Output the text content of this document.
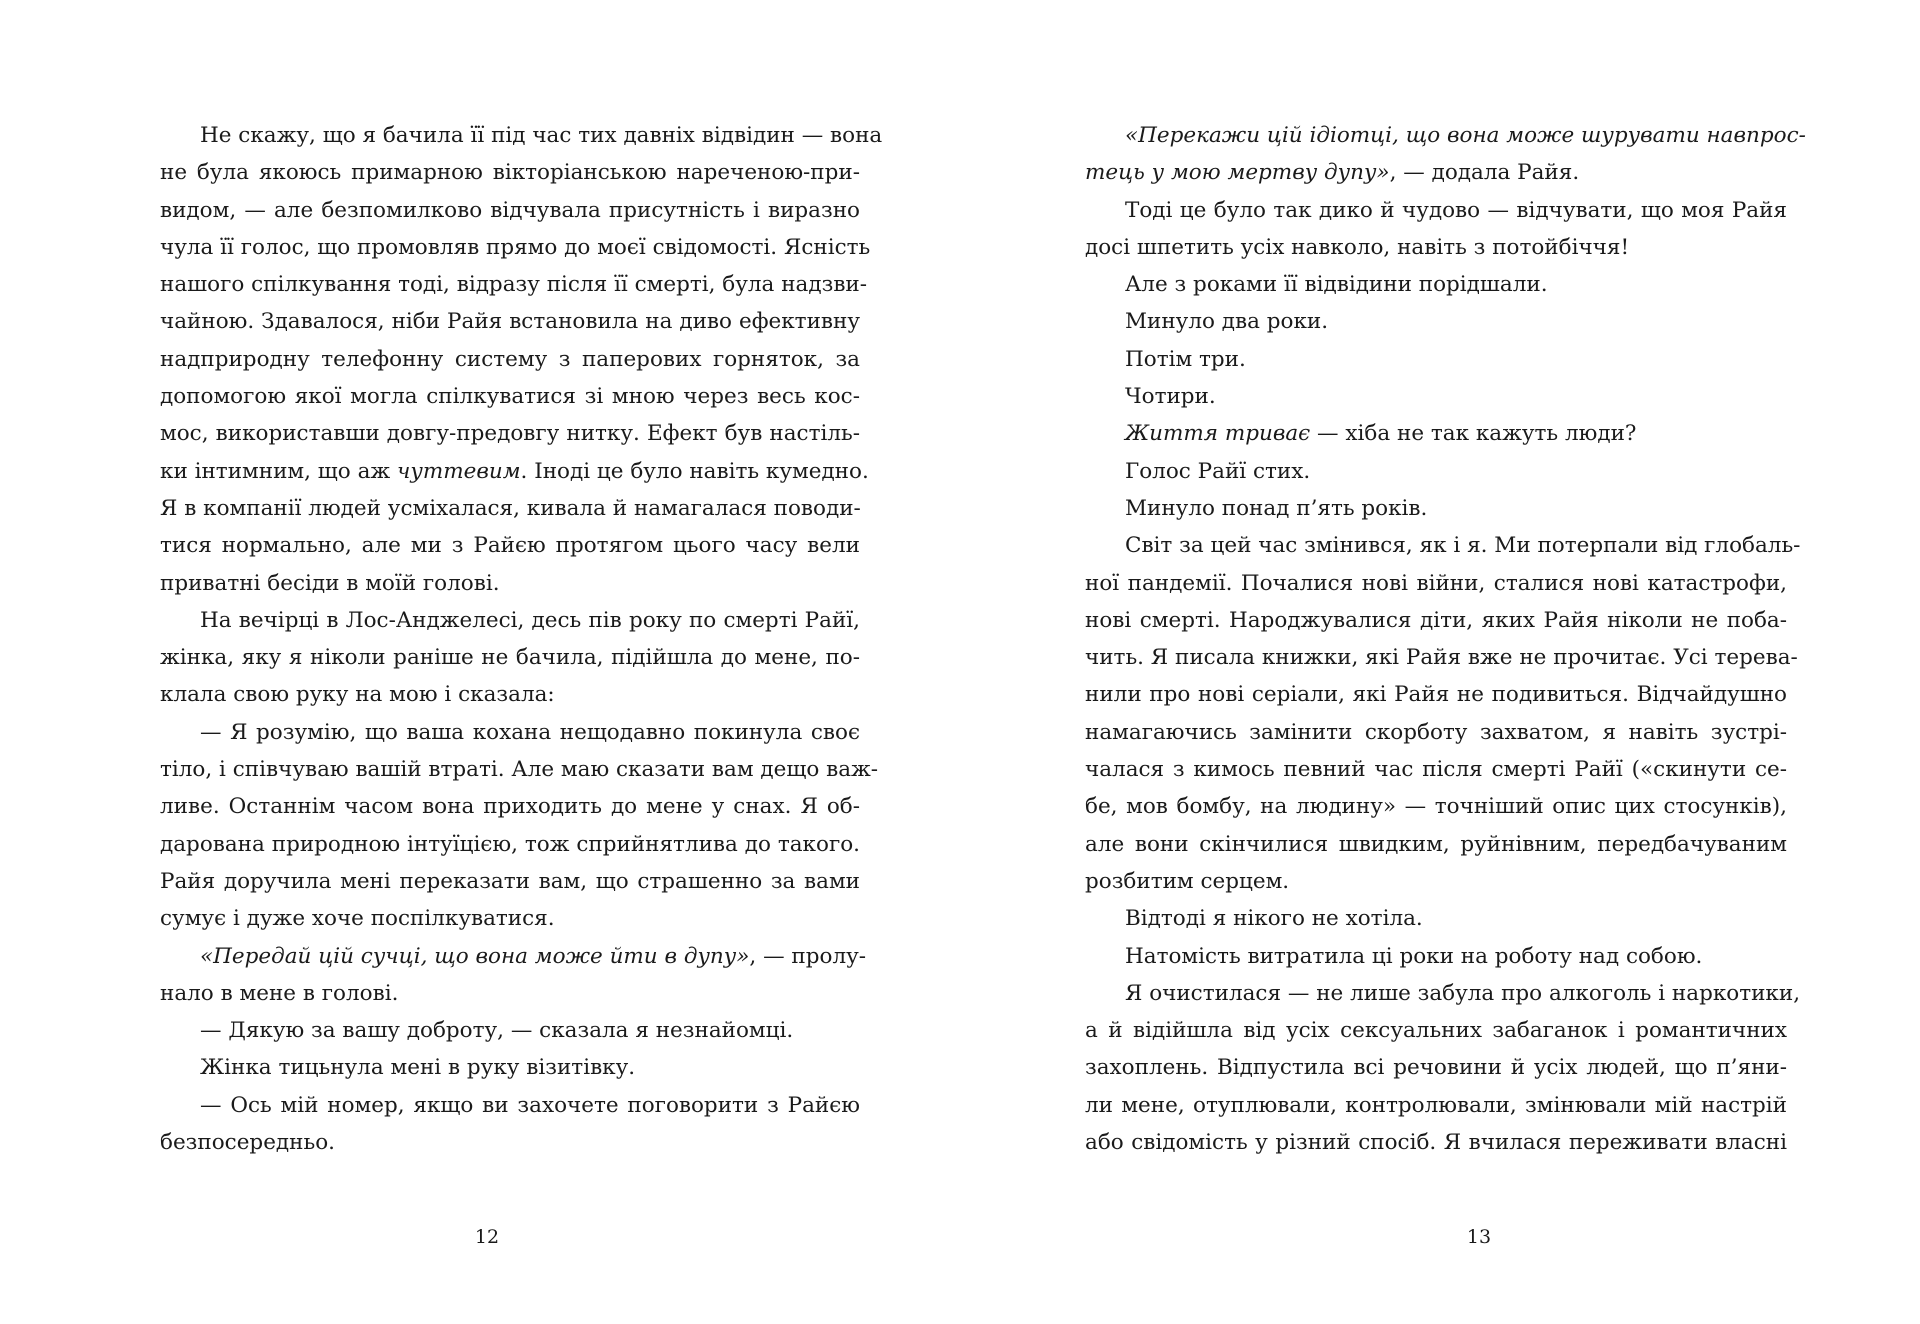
Не скажу, що я бачила її під час тих давніх відвідин — вона
не була якоюсь примарною вікторіанською нареченою-при-
видом, — але безпомилково відчувала присутність і виразно
чула її голос, що промовляв прямо до моєї свідомості. Ясність
нашого спілкування тоді, відразу після її смерті, була надзви-
чайною. Здавалося, ніби Райя встановила на диво ефективну
надприродну телефонну систему з паперових горняток, за
допомогою якої могла спілкуватися зі мною через весь кос-
мос, використавши довгу-предовгу нитку. Ефект був настіль-
ки інтимним, що аж чуттевим. Іноді це було навіть кумедно.
Я в компанії людей усміхалася, кивала й намагалася поводи-
тися нормально, але ми з Райєю протягом цього часу вели
приватні бесіди в моїй голові.
На вечірці в Лос-Анджелесі, десь пів року по смерті Райї,
жінка, яку я ніколи раніше не бачила, підійшла до мене, по-
клала свою руку на мою і сказала:
— Я розумію, що ваша кохана нещодавно покинула своє
тіло, і співчуваю вашій втраті. Але маю сказати вам дещо важ-
ливе. Останнім часом вона приходить до мене у снах. Я об-
дарована природною інтуїцією, тож сприйнятлива до такого.
Райя доручила мені переказати вам, що страшенно за вами
сумує і дуже хоче поспілкуватися.
«Передай цій сучці, що вона може йти в дупу», — пролу-
нало в мене в голові.
— Дякую за вашу доброту, — сказала я незнайомці.
Жінка тицьнула мені в руку візитівку.
— Ось мій номер, якщо ви захочете поговорити з Райєю
безпосередньо.
12
«Перекажи цій ідіотці, що вона може шурувати навпрос-
тець у мою мертву дупу», — додала Райя.
Тоді це було так дико й чудово — відчувати, що моя Райя
досі шпетить усіх навколо, навіть з потойбіччя!
Але з роками її відвідини порідшали.
Минуло два роки.
Потім три.
Чотири.
Життя триває — хіба не так кажуть люди?
Голос Райї стих.
Минуло понад п’ять років.
Світ за цей час змінився, як і я. Ми потерпали від глобаль-
ної пандемії. Почалися нові війни, сталися нові катастрофи,
нові смерті. Народжувалися діти, яких Райя ніколи не поба-
чить. Я писала книжки, які Райя вже не прочитає. Усі терева-
нили про нові серіали, які Райя не подивиться. Відчайдушно
намагаючись замінити скорботу захватом, я навіть зустрі-
чалася з кимось певний час після смерті Райї («скинути се-
бе, мов бомбу, на людину» — точніший опис цих стосунків),
але вони скінчилися швидким, руйнівним, передбачуваним
розбитим серцем.
Відтоді я нікого не хотіла.
Натомість витратила ці роки на роботу над собою.
Я очистилася — не лише забула про алкоголь і наркотики,
а й відійшла від усіх сексуальних забаганок і романтичних
захоплень. Відпустила всі речовини й усіх людей, що п’яни-
ли мене, отуплювали, контролювали, змінювали мій настрій
або свідомість у різний спосіб. Я вчилася переживати власні
13
